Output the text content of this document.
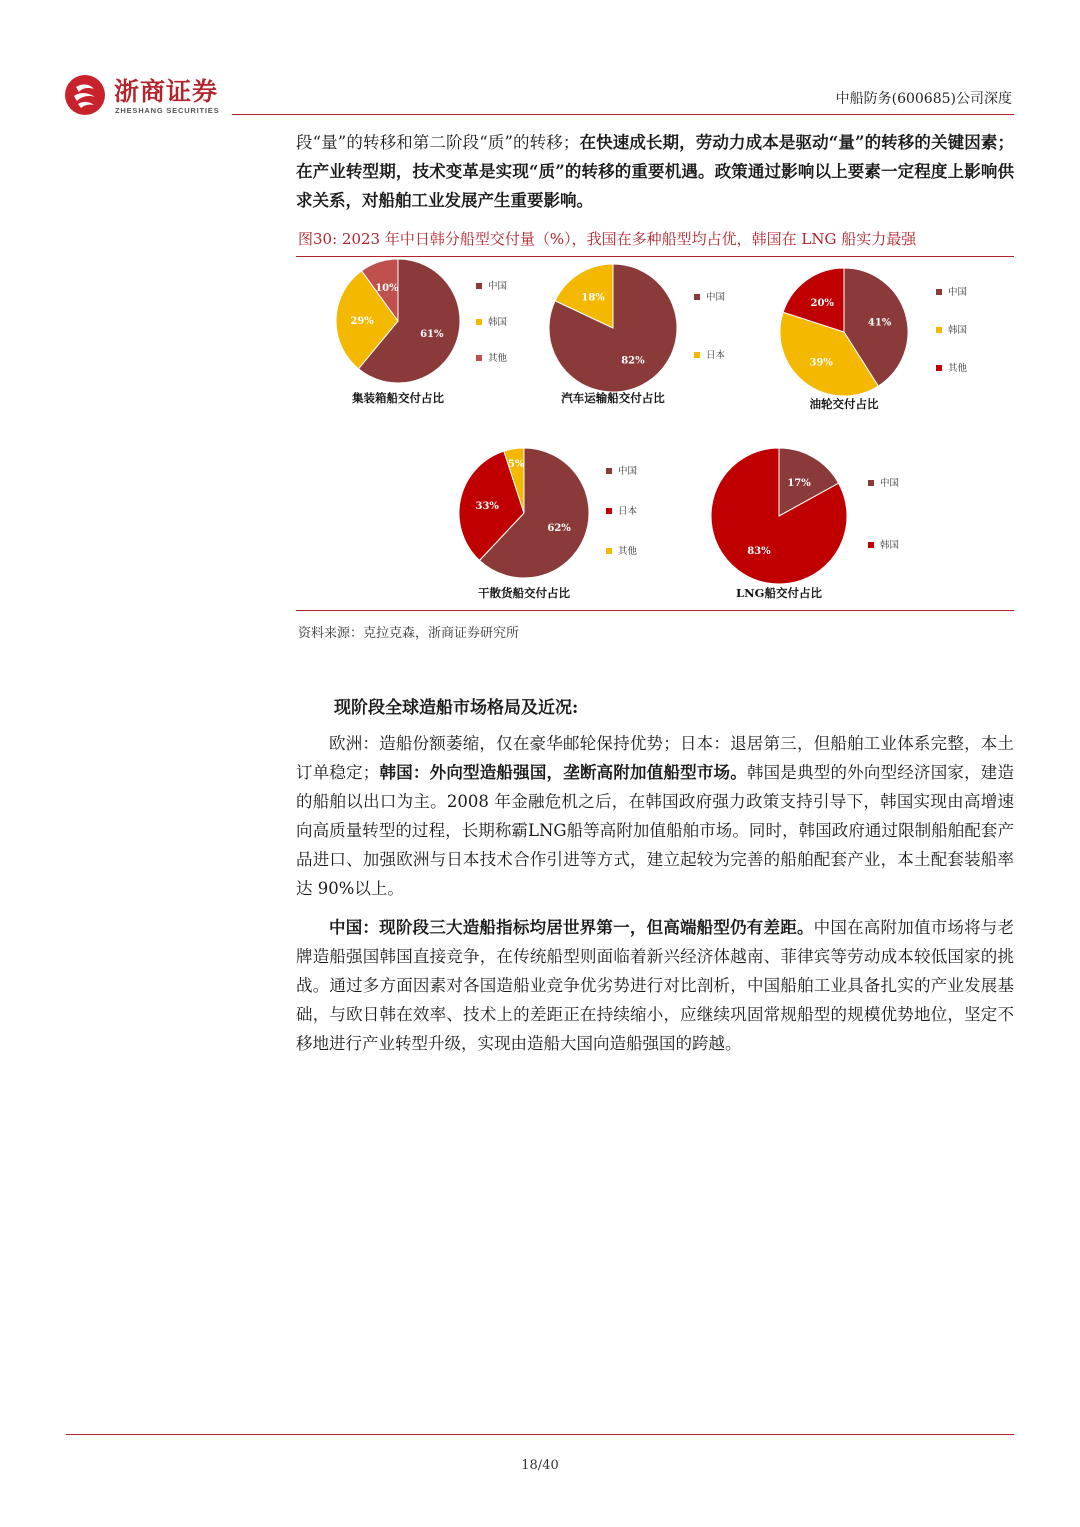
浙商证券
ZHESHANG SECURITIES
中船防务(600685)公司深度
段“量”的转移和第二阶段“质”的转移；在快速成长期，劳动力成本是驱动“量”的转移的关键因素；在产业转型期，技术变革是实现“质”的转移的重要机遇。政策通过影响以上要素一定程度上影响供求关系，对船舶工业发展产生重要影响。
图30: 2023 年中日韩分船型交付量（%），我国在多种船型均占优，韩国在 LNG 船实力最强
61%
中国
29%	韩国
10%
其他
集装箱船交付占比
82%
中国
18%
日本
汽车运输船交付占比
41%
中国
39%
韩国
20%
其他
油轮交付占比
62%
中国
33%	日本
5%
其他
干散货船交付占比
17%	中国
83%
韩国
LNG船交付占比
资料来源：克拉克森，浙商证券研究所
现阶段全球造船市场格局及近况:
欧洲：造船份额萎缩，仅在豪华邮轮保持优势；日本：退居第三，但船舶工业体系完整，本土订单稳定；韩国：外向型造船强国，垄断高附加值船型市场。韩国是典型的外向型经济国家，建造的船舶以出口为主。2008 年金融危机之后，在韩国政府强力政策支持引导下，韩国实现由高增速向高质量转型的过程，长期称霸LNG船等高附加值船舶市场。同时，韩国政府通过限制船舶配套产品进口、加强欧洲与日本技术合作引进等方式，建立起较为完善的船舶配套产业，本土配套装船率达 90%以上。
中国：现阶段三大造船指标均居世界第一，但高端船型仍有差距。中国在高附加值市场将与老牌造船强国韩国直接竞争，在传统船型则面临着新兴经济体越南、菲律宾等劳动成本较低国家的挑战。通过多方面因素对各国造船业竞争优劣势进行对比剖析，中国船舶工业具备扎实的产业发展基础，与欧日韩在效率、技术上的差距正在持续缩小，应继续巩固常规船型的规模优势地位，坚定不移地进行产业转型升级，实现由造船大国向造船强国的跨越。
18/40
